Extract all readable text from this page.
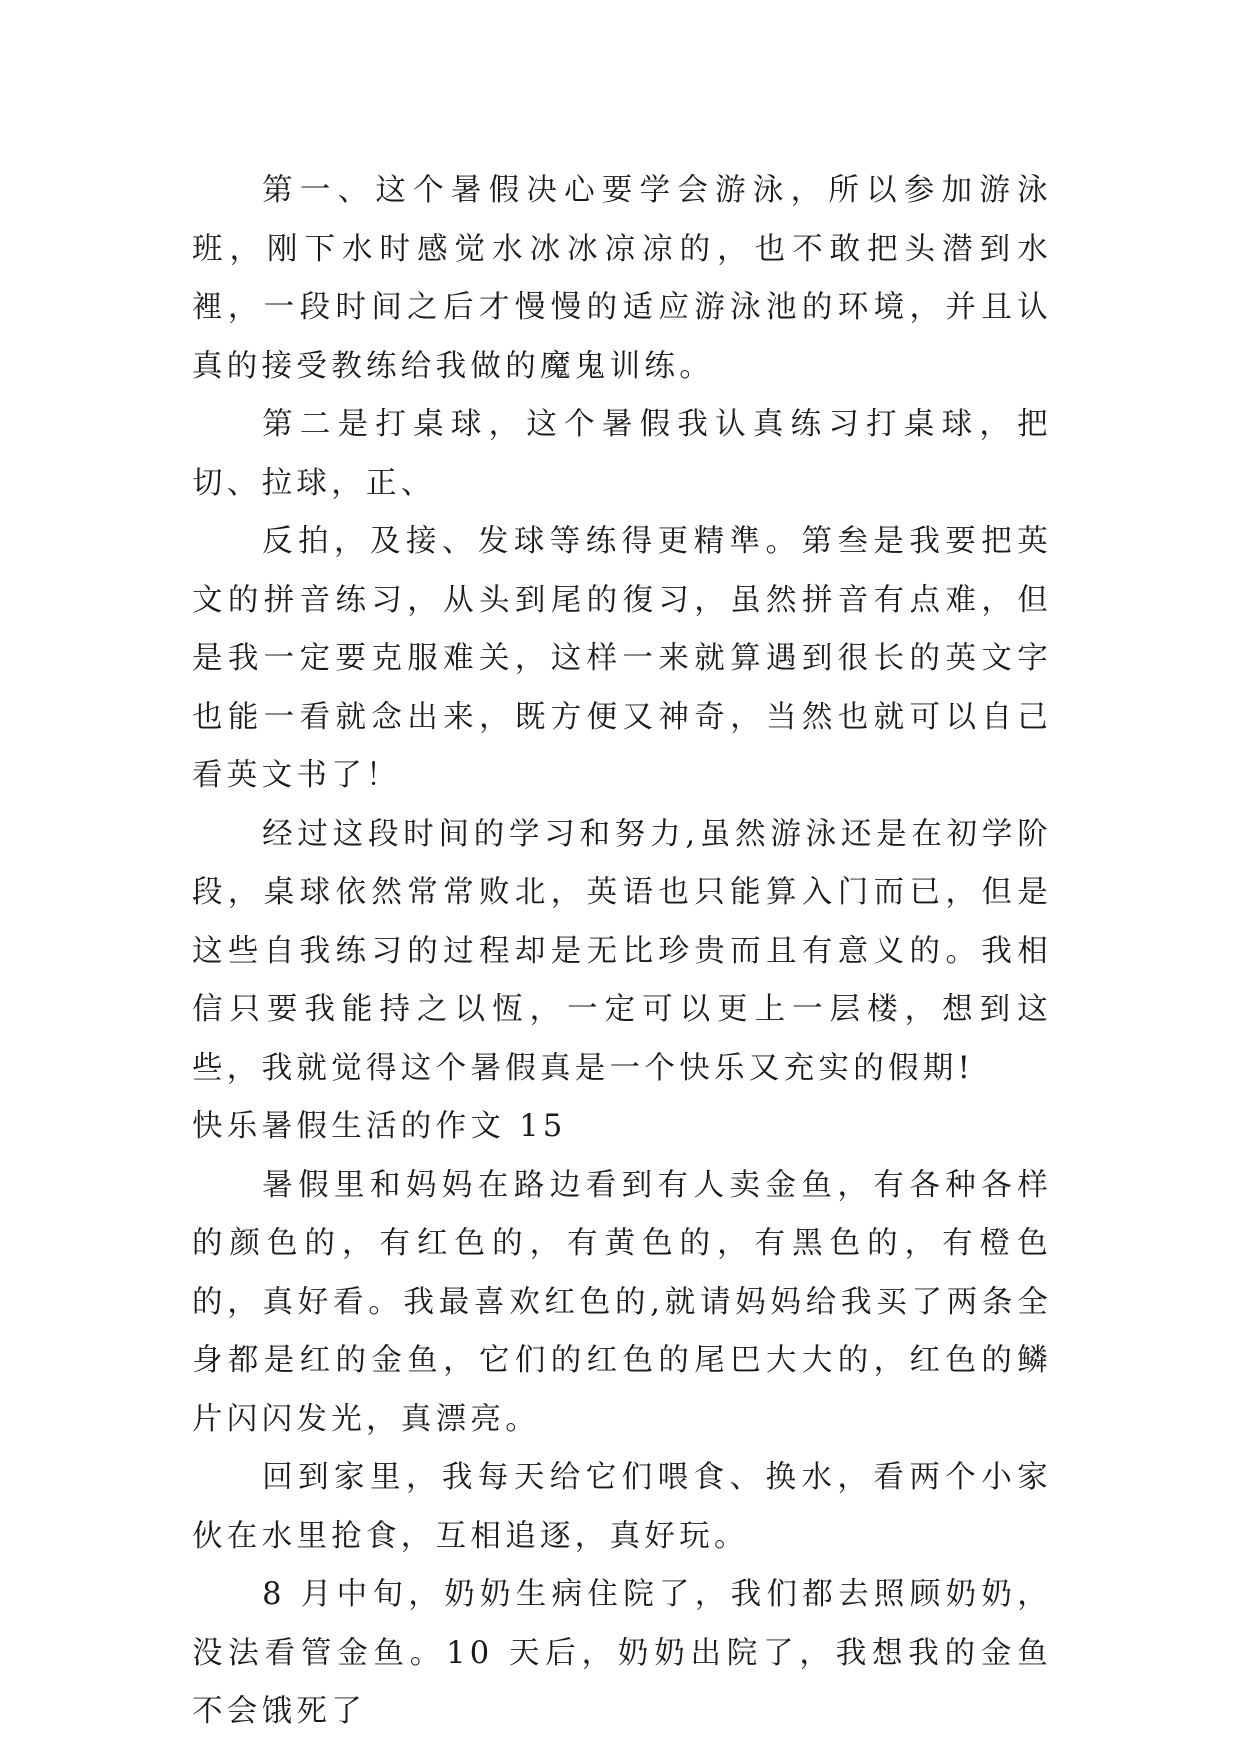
第一、这个暑假决心要学会游泳，所以参加游泳班，刚下水时感觉水冰冰凉凉的，也不敢把头潜到水裡，一段时间之后才慢慢的适应游泳池的环境，并且认真的接受教练给我做的魔鬼训练。

第二是打桌球，这个暑假我认真练习打桌球，把切、拉球，正、

反拍，及接、发球等练得更精準。第叁是我要把英文的拼音练习，从头到尾的復习，虽然拼音有点难，但是我一定要克服难关，这样一来就算遇到很长的英文字也能一看就念出来，既方便又神奇，当然也就可以自己看英文书了！

经过这段时间的学习和努力,虽然游泳还是在初学阶段，桌球依然常常败北，英语也只能算入门而已，但是这些自我练习的过程却是无比珍贵而且有意义的。我相信只要我能持之以恆，一定可以更上一层楼，想到这些，我就觉得这个暑假真是一个快乐又充实的假期!

快乐暑假生活的作文 15

暑假里和妈妈在路边看到有人卖金鱼，有各种各样的颜色的，有红色的，有黄色的，有黑色的，有橙色的，真好看。我最喜欢红色的,就请妈妈给我买了两条全身都是红的金鱼，它们的红色的尾巴大大的，红色的鳞片闪闪发光，真漂亮。

回到家里，我每天给它们喂食、换水，看两个小家伙在水里抢食，互相追逐，真好玩。

8 月中旬，奶奶生病住院了，我们都去照顾奶奶，没法看管金鱼。10 天后，奶奶出院了，我想我的金鱼不会饿死了
